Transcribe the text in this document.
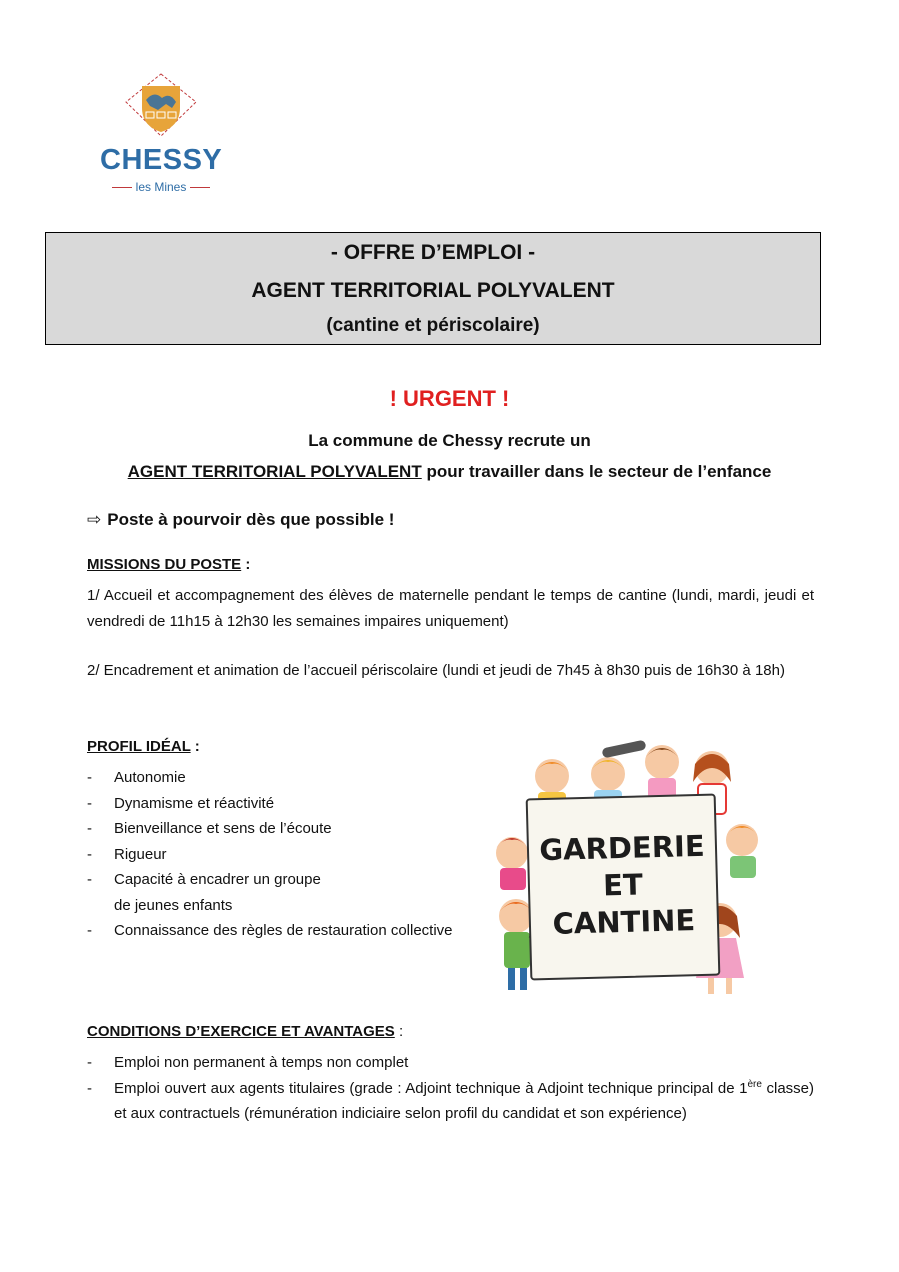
CHESSY
les Mines
- OFFRE D’EMPLOI -
AGENT TERRITORIAL POLYVALENT
(cantine et périscolaire)
! URGENT !
La commune de Chessy recrute un
AGENT TERRITORIAL POLYVALENT pour travailler dans le secteur de l’enfance
⇨ Poste à pourvoir dès que possible !
MISSIONS DU POSTE :
1/ Accueil et accompagnement des élèves de maternelle pendant le temps de cantine (lundi, mardi, jeudi et vendredi de 11h15 à 12h30 les semaines impaires uniquement)
2/ Encadrement et animation de l’accueil périscolaire (lundi et jeudi de 7h45 à 8h30 puis de 16h30 à 18h)
PROFIL IDÉAL :
- Autonomie
- Dynamisme et réactivité
- Bienveillance et sens de l’écoute
- Rigueur
- Capacité à encadrer un groupe
de jeunes enfants
- Connaissance des règles de restauration collective
GARDERIE
ET
CANTINE
CONDITIONS D’EXERCICE ET AVANTAGES :
- Emploi non permanent à temps non complet
- Emploi ouvert aux agents titulaires (grade : Adjoint technique à Adjoint technique principal de 1ère classe) et aux contractuels (rémunération indiciaire selon profil du candidat et son expérience)
